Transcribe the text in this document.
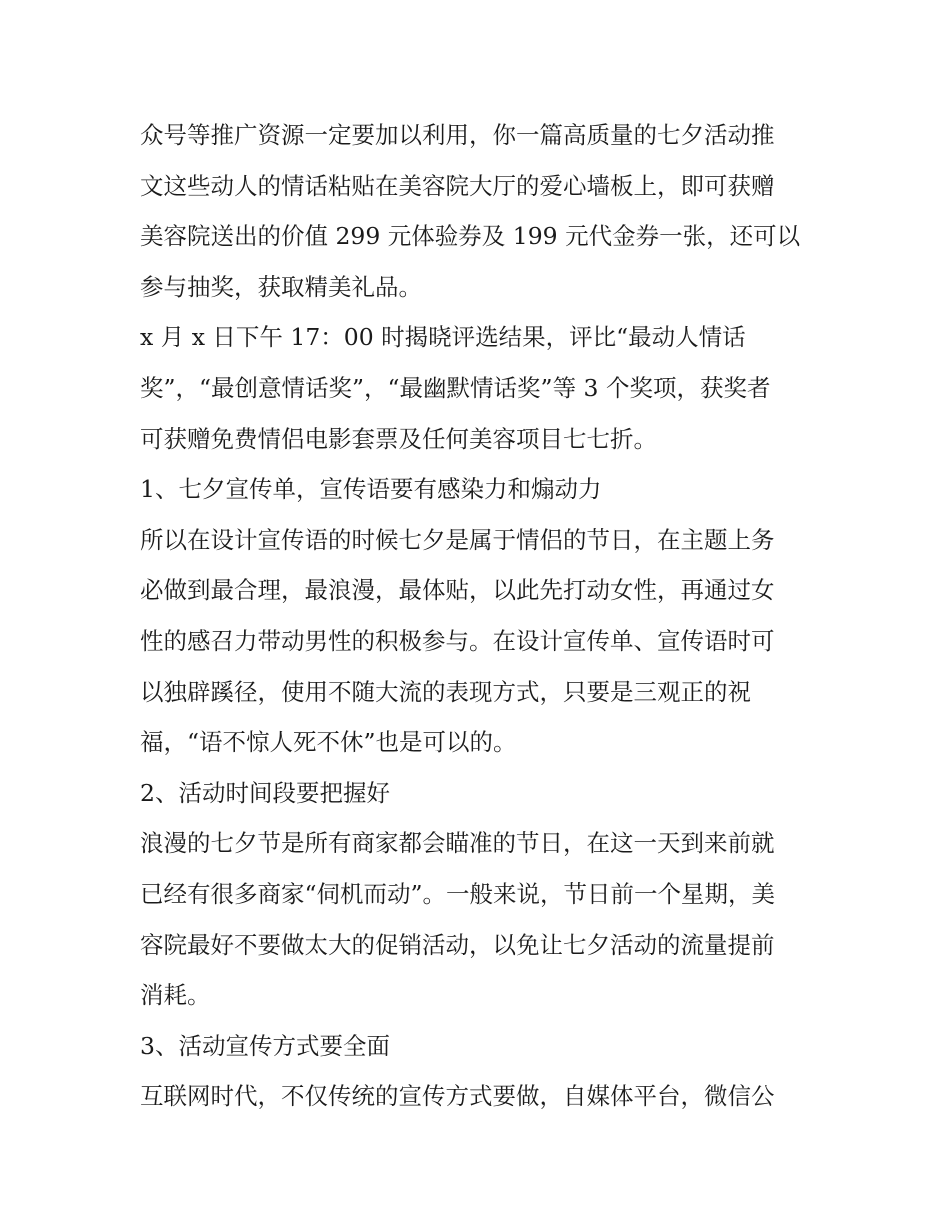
众号等推广资源一定要加以利用，你一篇高质量的七夕活动推
文这些动人的情话粘贴在美容院大厅的爱心墙板上，即可获赠
美容院送出的价值 299 元体验券及 199 元代金券一张，还可以
参与抽奖，获取精美礼品。
x 月 x 日下午 17：00 时揭晓评选结果，评比“最动人情话
奖”，“最创意情话奖”，“最幽默情话奖”等 3 个奖项，获奖者
可获赠免费情侣电影套票及任何美容项目七七折。
1、七夕宣传单，宣传语要有感染力和煽动力
所以在设计宣传语的时候七夕是属于情侣的节日，在主题上务
必做到最合理，最浪漫，最体贴，以此先打动女性，再通过女
性的感召力带动男性的积极参与。在设计宣传单、宣传语时可
以独辟蹊径，使用不随大流的表现方式，只要是三观正的祝
福，“语不惊人死不休”也是可以的。
2、活动时间段要把握好
浪漫的七夕节是所有商家都会瞄准的节日，在这一天到来前就
已经有很多商家“伺机而动”。一般来说，节日前一个星期，美
容院最好不要做太大的促销活动，以免让七夕活动的流量提前
消耗。
3、活动宣传方式要全面
互联网时代，不仅传统的宣传方式要做，自媒体平台，微信公
